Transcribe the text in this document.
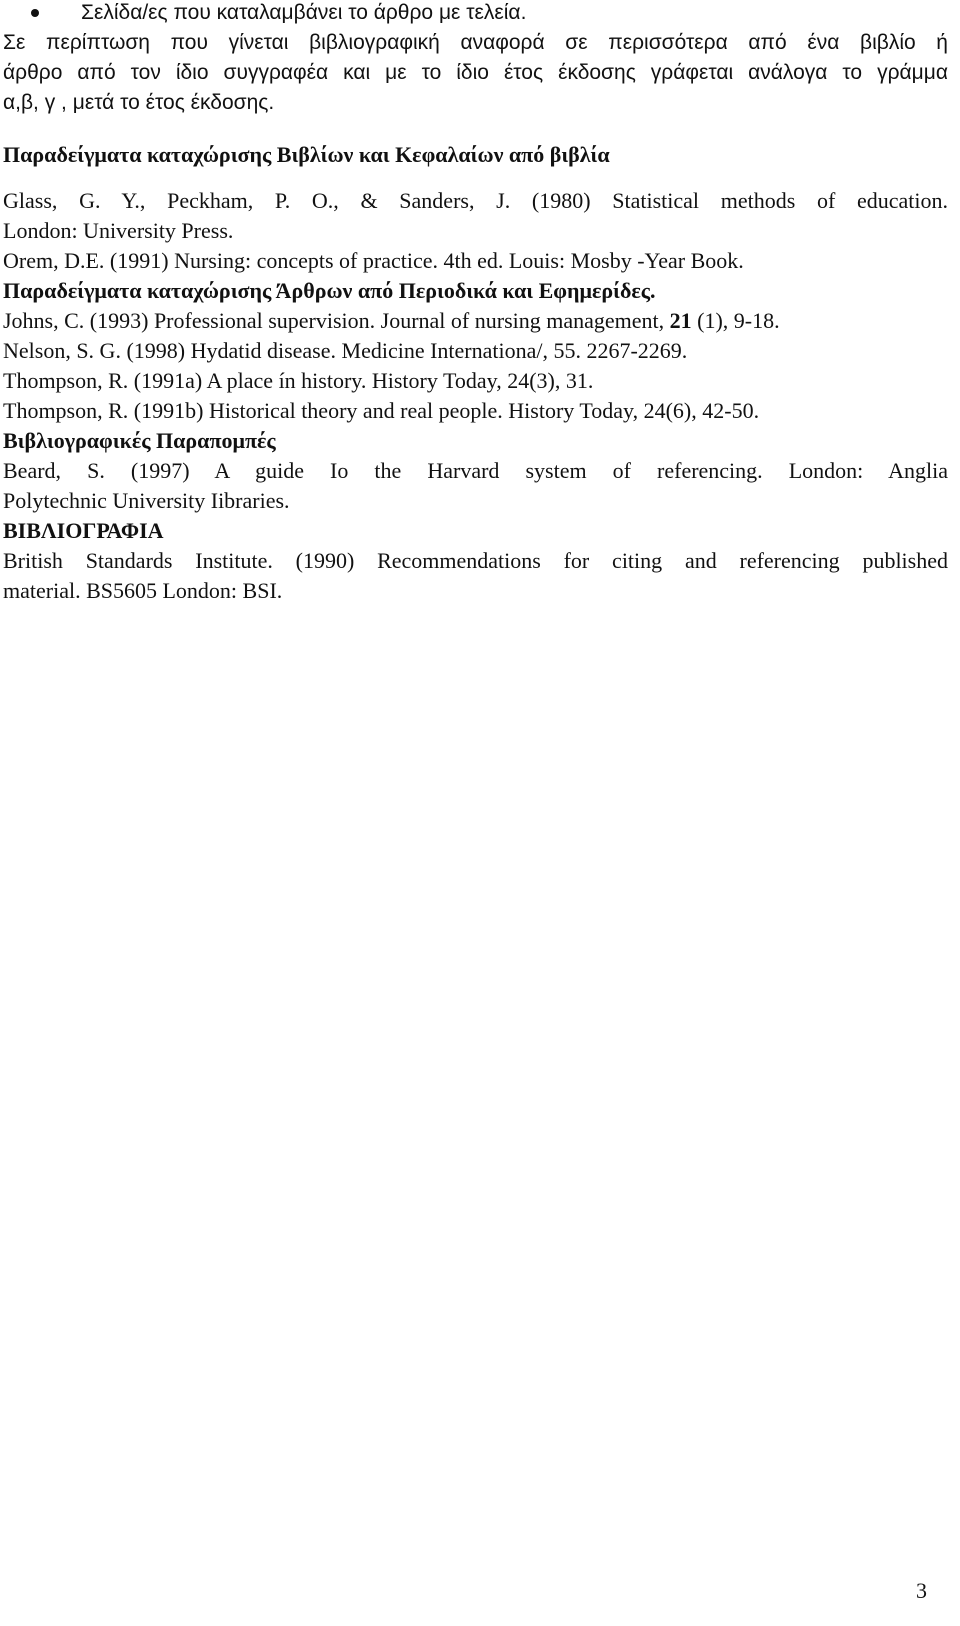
Σελίδα/ες που καταλαμβάνει το άρθρο με τελεία.
Σε περίπτωση που γίνεται βιβλιογραφική αναφορά σε περισσότερα από ένα βιβλίο ή
άρθρο από τον ίδιο συγγραφέα και με το ίδιο έτος έκδοσης γράφεται ανάλογα το γράμμα
α,β, γ , μετά το έτος έκδοσης.
Παραδείγματα καταχώρισης Βιβλίων και Κεφαλαίων από βιβλία
Glass, G. Y., Peckham, P. O., & Sanders, J. (1980) Statistical methods of education.
London: University Press.
Orem, D.E. (1991) Nursing: concepts of practice. 4th ed. Louis: Mosby -Year Book.
Παραδείγματα καταχώρισης Άρθρων από Περιοδικά και Εφημερίδες.
Johns, C. (1993) Professional supervision. Journal of nursing management, 21 (1), 9-18.
Nelson, S. G. (1998) Hydatid disease. Medicine Internationa/, 55. 2267-2269.
Thompson, R. (1991a) A place ín history. History Today, 24(3), 31.
Thompson, R. (1991b) Historical theory and real people. History Today, 24(6), 42-50.
Βιβλιογραφικές Παραπομπές
Beard, S. (1997) A guide Io the Harvard system of referencing. London: Anglia
Polytechnic University Iibraries.
ΒΙΒΛΙΟΓΡΑΦΙΑ
British Standards Institute. (1990) Recommendations for citing and referencing published
material. BS5605 London: BSI.
3
